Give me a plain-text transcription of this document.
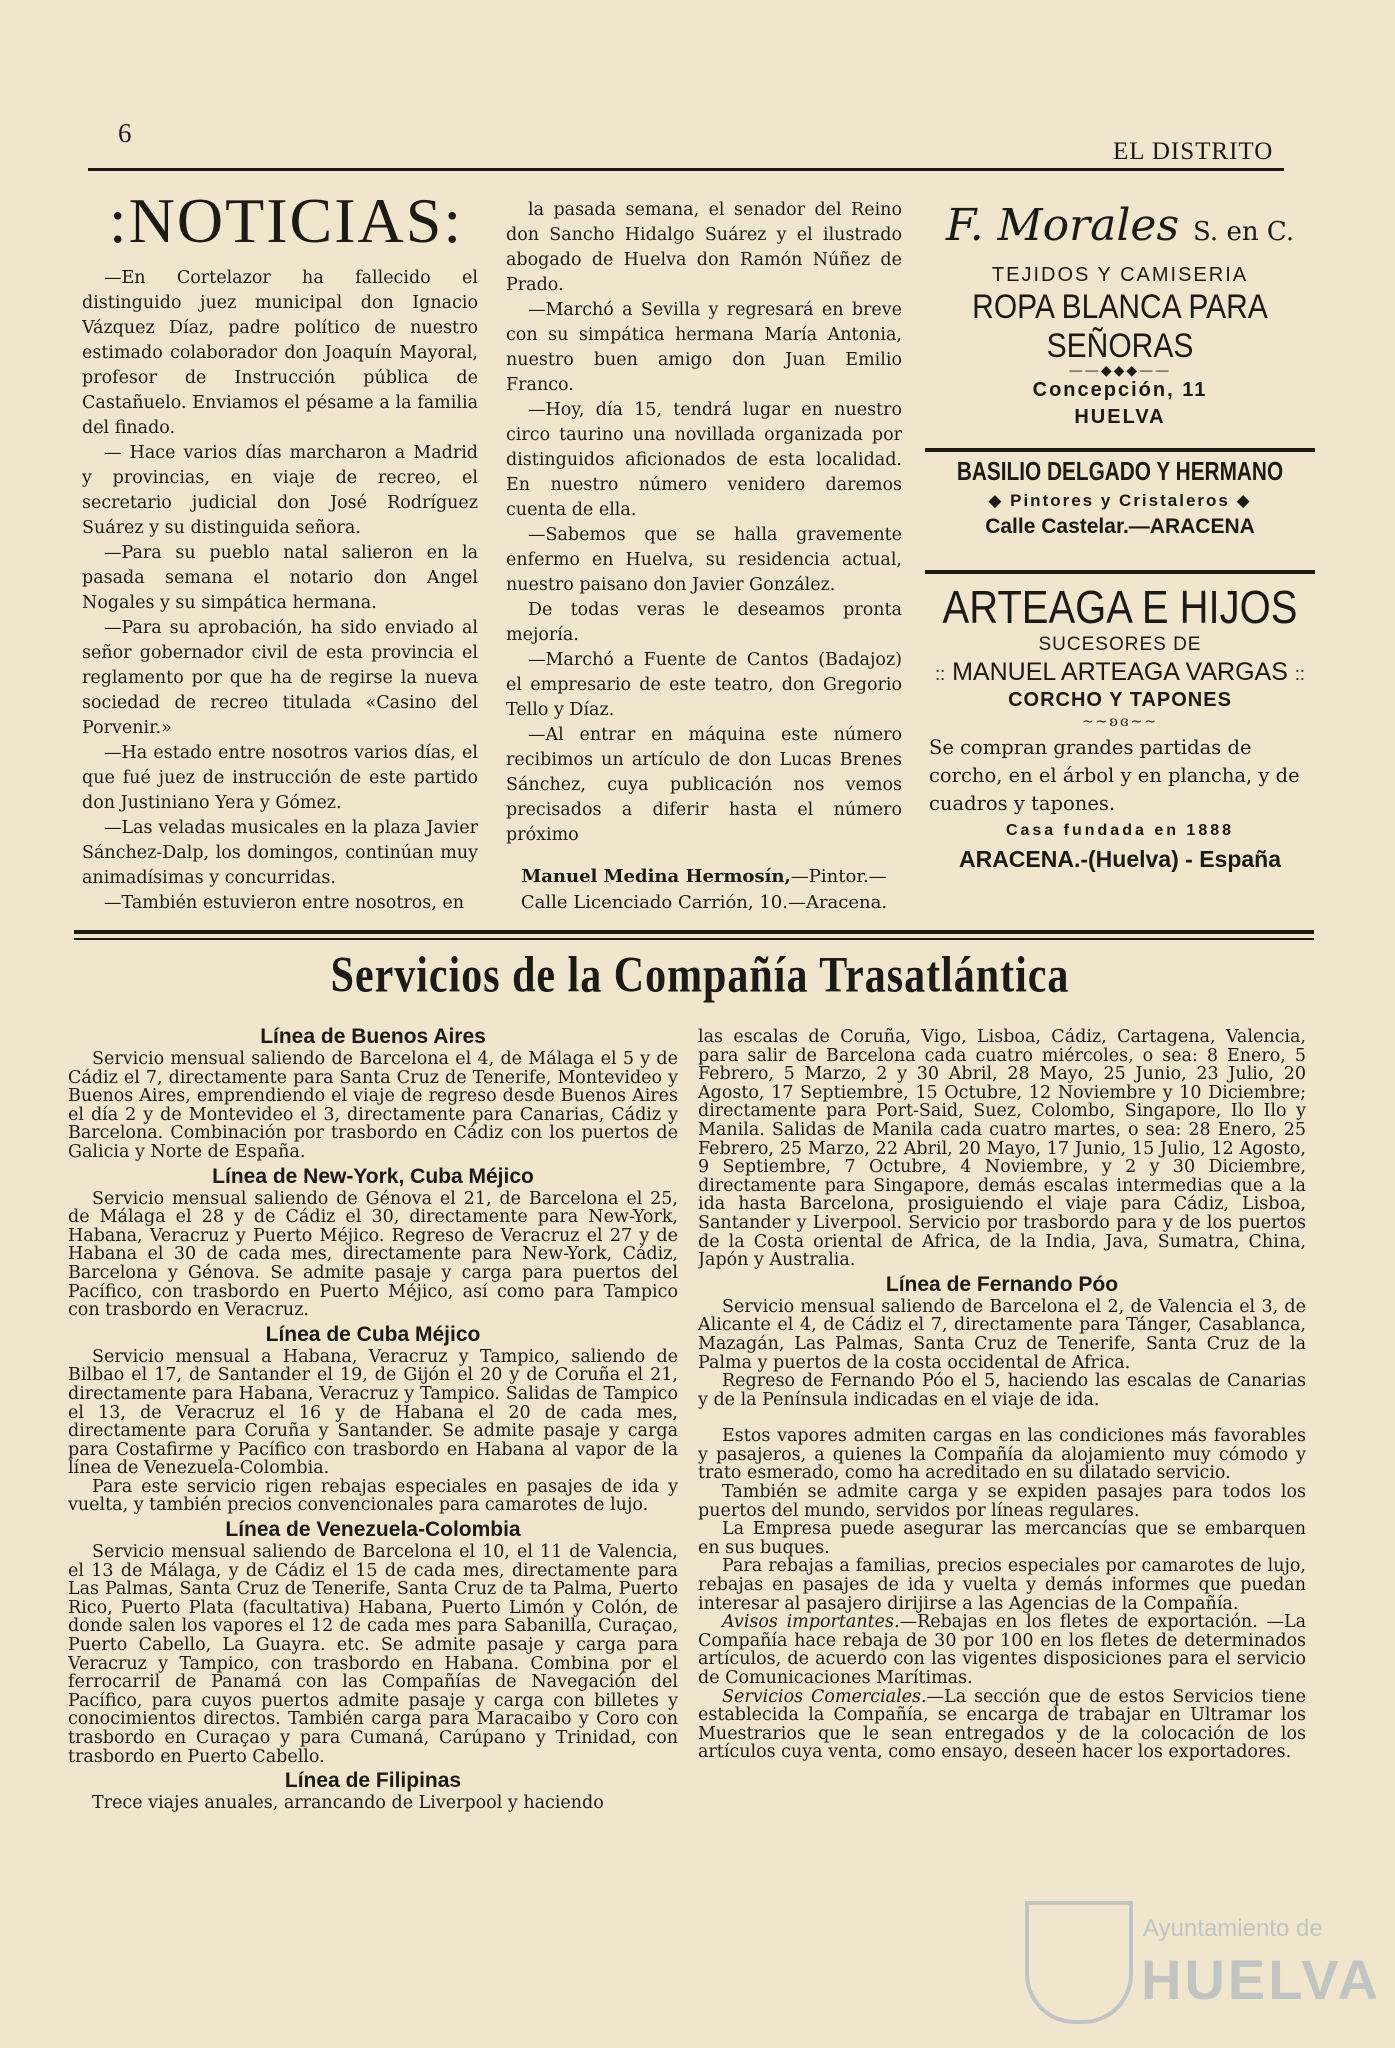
6
EL DISTRITO
:NOTICIAS:

—En Cortelazor ha fallecido el distinguido juez municipal don Ignacio Vázquez Díaz, padre político de nuestro estimado colaborador don Joaquín Mayoral, profesor de Instrucción pública de Castañuelo. Enviamos el pésame a la familia del finado.

— Hace varios días marcharon a Madrid y provincias, en viaje de recreo, el secretario judicial don José Rodríguez Suárez y su distinguida señora.

—Para su pueblo natal salieron en la pasada semana el notario don Angel Nogales y su simpática hermana.

—Para su aprobación, ha sido enviado al señor gobernador civil de esta provincia el reglamento por que ha de regirse la nueva sociedad de recreo titulada «Casino del Porvenir.»

—Ha estado entre nosotros varios días, el que fué juez de instrucción de este partido don Justiniano Yera y Gómez.

—Las veladas musicales en la plaza Javier Sánchez-Dalp, los domingos, continúan muy animadísimas y concurridas.

—También estuvieron entre nosotros, en

la pasada semana, el senador del Reino don Sancho Hidalgo Suárez y el ilustrado abogado de Huelva don Ramón Núñez de Prado.

—Marchó a Sevilla y regresará en breve con su simpática hermana María Antonia, nuestro buen amigo don Juan Emilio Franco.

—Hoy, día 15, tendrá lugar en nuestro circo taurino una novillada organizada por distinguidos aficionados de esta localidad. En nuestro número venidero daremos cuenta de ella.

—Sabemos que se halla gravemente enfermo en Huelva, su residencia actual, nuestro paisano don Javier González.

De todas veras le deseamos pronta mejoría.

—Marchó a Fuente de Cantos (Badajoz) el empresario de este teatro, don Gregorio Tello y Díaz.

—Al entrar en máquina este número recibimos un artículo de don Lucas Brenes Sánchez, cuya publicación nos vemos precisados a diferir hasta el número próximo

Manuel Medina Hermosín,—Pintor.—
Calle Licenciado Carrión, 10.—Aracena.
F. Morales S. en C.
TEJIDOS Y CAMISERIA
ROPA BLANCA PARA SEÑORAS
——◆◆◆——
Concepción, 11
HUELVA
BASILIO DELGADO Y HERMANO
◆ Pintores y Cristaleros ◆
Calle Castelar.—ARACENA
ARTEAGA E HIJOS
SUCESORES DE
:: MANUEL ARTEAGA VARGAS ::
CORCHO Y TAPONES
~~ʚɞ~~
Se compran grandes partidas de corcho, en el árbol y en plancha, y de cuadros y tapones.
Casa fundada en 1888
ARACENA.-(Huelva) - España
Servicios de la Compañía Trasatlántica
Línea de Buenos Aires

Servicio mensual saliendo de Barcelona el 4, de Málaga el 5 y de Cádiz el 7, directamente para Santa Cruz de Tenerife, Montevideo y Buenos Aires, emprendiendo el viaje de regreso desde Buenos Aires el día 2 y de Montevideo el 3, directamente para Canarias, Cádiz y Barcelona. Combinación por trasbordo en Cádiz con los puertos de Galicia y Norte de España.

Línea de New-York, Cuba Méjico

Servicio mensual saliendo de Génova el 21, de Barcelona el 25, de Málaga el 28 y de Cádiz el 30, directamente para New-York, Habana, Veracruz y Puerto Méjico. Regreso de Veracruz el 27 y de Habana el 30 de cada mes, directamente para New-York, Cádiz, Barcelona y Génova. Se admite pasaje y carga para puertos del Pacífico, con trasbordo en Puerto Méjico, así como para Tampico con trasbordo en Veracruz.

Línea de Cuba Méjico

Servicio mensual a Habana, Veracruz y Tampico, saliendo de Bilbao el 17, de Santander el 19, de Gijón el 20 y de Coruña el 21, directamente para Habana, Veracruz y Tampico. Salidas de Tampico el 13, de Veracruz el 16 y de Habana el 20 de cada mes, directamente para Coruña y Santander. Se admite pasaje y carga para Costafirme y Pacífico con trasbordo en Habana al vapor de la línea de Venezuela-Colombia.

Para este servicio rigen rebajas especiales en pasajes de ida y vuelta, y también precios convencionales para camarotes de lujo.

Línea de Venezuela-Colombia

Servicio mensual saliendo de Barcelona el 10, el 11 de Valencia, el 13 de Málaga, y de Cádiz el 15 de cada mes, directamente para Las Palmas, Santa Cruz de Tenerife, Santa Cruz de ta Palma, Puerto Rico, Puerto Plata (facultativa) Habana, Puerto Limón y Colón, de donde salen los vapores el 12 de cada mes para Sabanilla, Curaçao, Puerto Cabello, La Guayra. etc. Se admite pasaje y carga para Veracruz y Tampico, con trasbordo en Habana. Combina por el ferrocarril de Panamá con las Compañías de Navegación del Pacífico, para cuyos puertos admite pasaje y carga con billetes y conocimientos directos. También carga para Maracaibo y Coro con trasbordo en Curaçao y para Cumaná, Carúpano y Trinidad, con trasbordo en Puerto Cabello.

Línea de Filipinas

Trece viajes anuales, arrancando de Liverpool y haciendo

las escalas de Coruña, Vigo, Lisboa, Cádiz, Cartagena, Valencia, para salir de Barcelona cada cuatro miércoles, o sea: 8 Enero, 5 Febrero, 5 Marzo, 2 y 30 Abril, 28 Mayo, 25 Junio, 23 Julio, 20 Agosto, 17 Septiembre, 15 Octubre, 12 Noviembre y 10 Diciembre; directamente para Port-Said, Suez, Colombo, Singapore, Ilo Ilo y Manila. Salidas de Manila cada cuatro martes, o sea: 28 Enero, 25 Febrero, 25 Marzo, 22 Abril, 20 Mayo, 17 Junio, 15 Julio, 12 Agosto, 9 Septiembre, 7 Octubre, 4 Noviembre, y 2 y 30 Diciembre, directamente para Singapore, demás escalas intermedias que a la ida hasta Barcelona, prosiguiendo el viaje para Cádiz, Lisboa, Santander y Liverpool. Servicio por trasbordo para y de los puertos de la Costa oriental de Africa, de la India, Java, Sumatra, China, Japón y Australia.

Línea de Fernando Póo

Servicio mensual saliendo de Barcelona el 2, de Valencia el 3, de Alicante el 4, de Cádiz el 7, directamente para Tánger, Casablanca, Mazagán, Las Palmas, Santa Cruz de Tenerife, Santa Cruz de la Palma y puertos de la costa occidental de Africa.

Regreso de Fernando Póo el 5, haciendo las escalas de Canarias y de la Península indicadas en el viaje de ida.

Estos vapores admiten cargas en las condiciones más favorables y pasajeros, a quienes la Compañía da alojamiento muy cómodo y trato esmerado, como ha acreditado en su dilatado servicio.

También se admite carga y se expiden pasajes para todos los puertos del mundo, servidos por líneas regulares.

La Empresa puede asegurar las mercancías que se embarquen en sus buques.

Para rebajas a familias, precios especiales por camarotes de lujo, rebajas en pasajes de ida y vuelta y demás informes que puedan interesar al pasajero dirijirse a las Agencias de la Compañía.

Avisos importantes.—Rebajas en los fletes de exportación. —La Compañía hace rebaja de 30 por 100 en los fletes de determinados artículos, de acuerdo con las vigentes disposiciones para el servicio de Comunicaciones Marítimas.

Servicios Comerciales.—La sección que de estos Servicios tiene establecida la Compañía, se encarga de trabajar en Ultramar los Muestrarios que le sean entregados y de la colocación de los artículos cuya venta, como ensayo, deseen hacer los exportadores.

Ayuntamiento de
HUELVA
